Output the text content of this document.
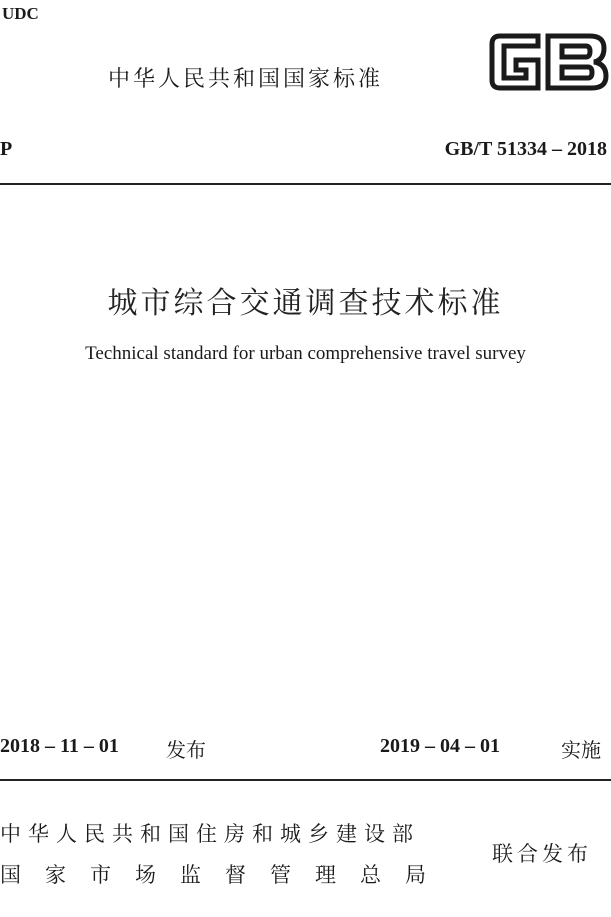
UDC
中华人民共和国国家标准
P	GB/T 51334 – 2018
城市综合交通调查技术标准
Technical standard for urban comprehensive travel survey
2018 – 11 – 01 发布	2019 – 04 – 01	实施
中华人民共和国住房和城乡建设部
国家市场监督管理总局
联合发布
